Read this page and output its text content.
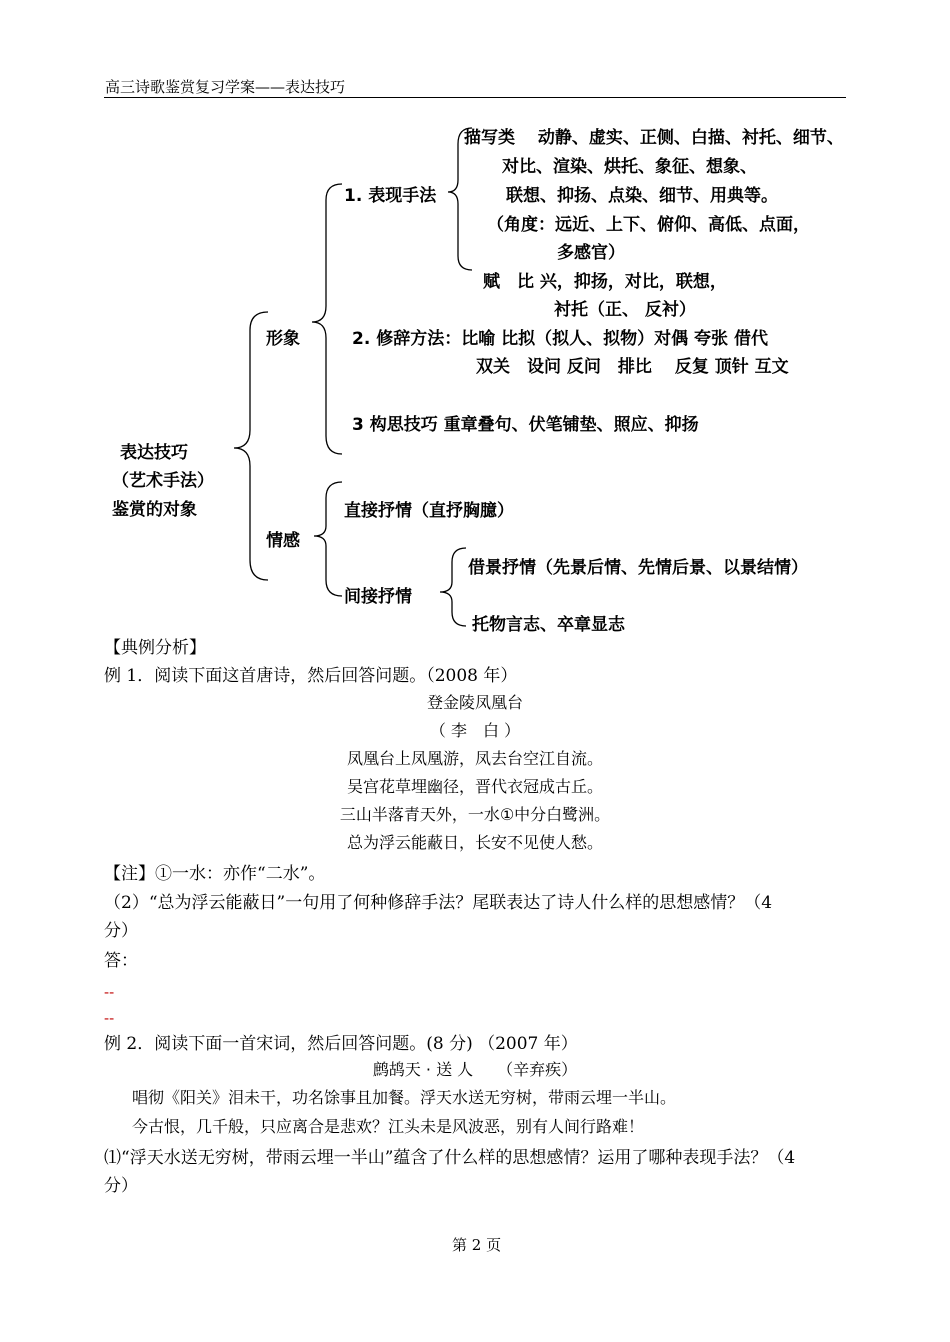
高三诗歌鉴赏复习学案——表达技巧
表达技巧
（艺术手法）
鉴赏的对象
形象
情感
1. 表现手法
描写类　 动静、虚实、正侧、白描、衬托、细节、
对比、渲染、烘托、象征、想象、
联想、抑扬、点染、细节、用典等。
（角度：远近、上下、俯仰、高低、点面，
多感官）
赋　比 兴，抑扬，对比，联想，
衬托（正、 反衬）
2. 修辞方法：比喻 比拟（拟人、拟物）对偶 夸张 借代
双关　设问 反问　排比　 反复 顶针 互文
3 构思技巧 重章叠句、伏笔铺垫、照应、抑扬
直接抒情（直抒胸臆）
间接抒情
借景抒情（先景后情、先情后景、以景结情）
托物言志、卒章显志
【典例分析】
例 1．阅读下面这首唐诗，然后回答问题。（2008 年）
登金陵凤凰台
（ 李　白 ）
凤凰台上凤凰游，凤去台空江自流。
吴宫花草埋幽径，晋代衣冠成古丘。
三山半落青天外，一水①中分白鹭洲。
总为浮云能蔽日，长安不见使人愁。
【注】①一水：亦作“二水”。
（2）“总为浮云能蔽日”一句用了何种修辞手法？尾联表达了诗人什么样的思想感情？（4
分）
答：
--
--
例 2．阅读下面一首宋词，然后回答问题。(8 分) （2007 年）
鹧鸪天 · 送 人　　（辛弃疾）
唱彻《阳关》泪未干，功名馀事且加餐。浮天水送无穷树，带雨云埋一半山。
今古恨，几千般，只应离合是悲欢？江头未是风波恶，别有人间行路难！
⑴“浮天水送无穷树，带雨云埋一半山”蕴含了什么样的思想感情？运用了哪种表现手法？（4
分）
第 2 页
